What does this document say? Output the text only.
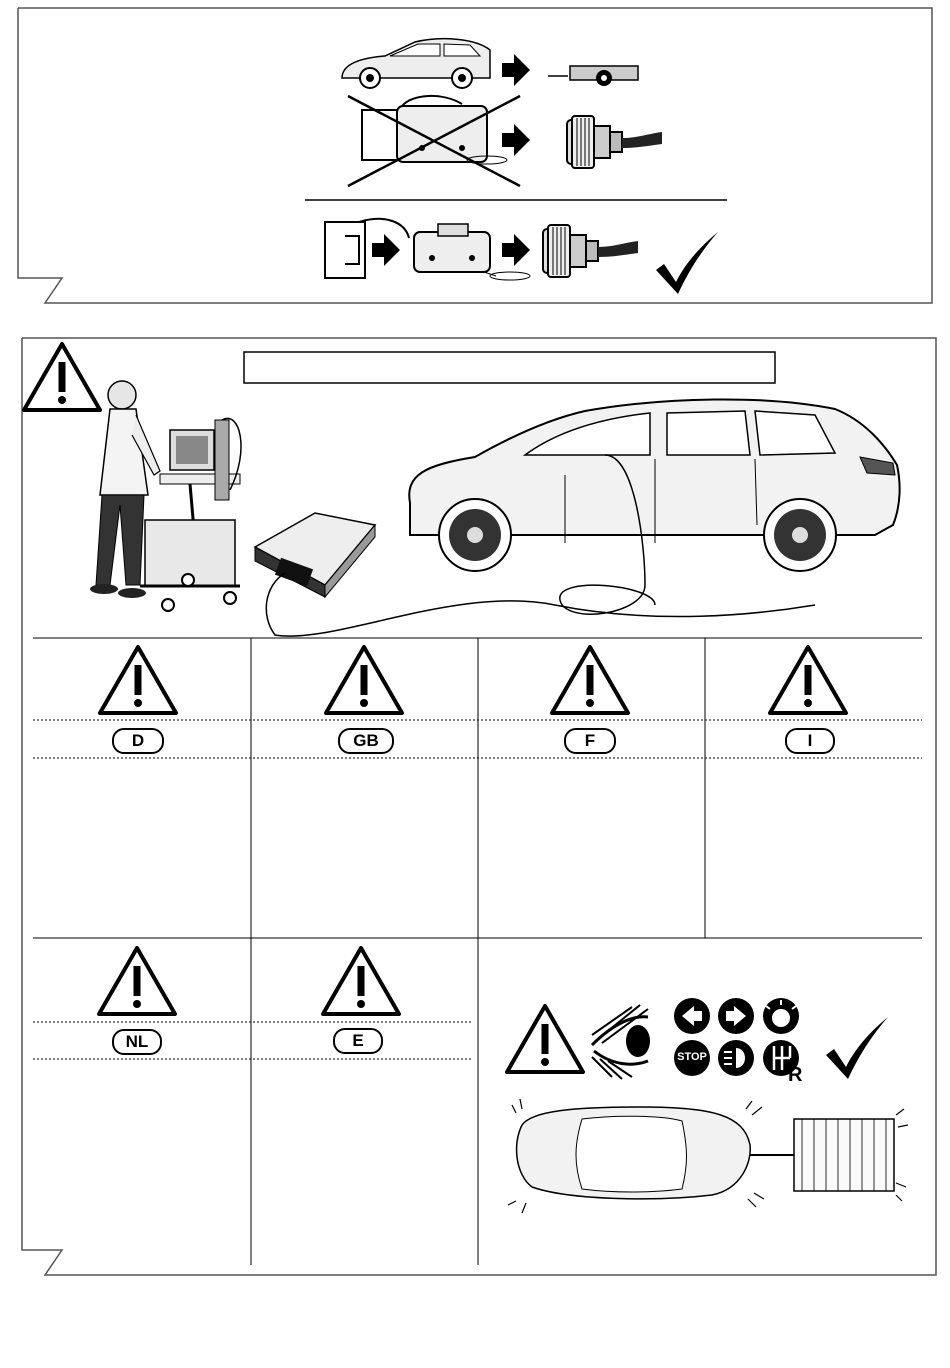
D	GB	F	I
NL	E
STOP
R
